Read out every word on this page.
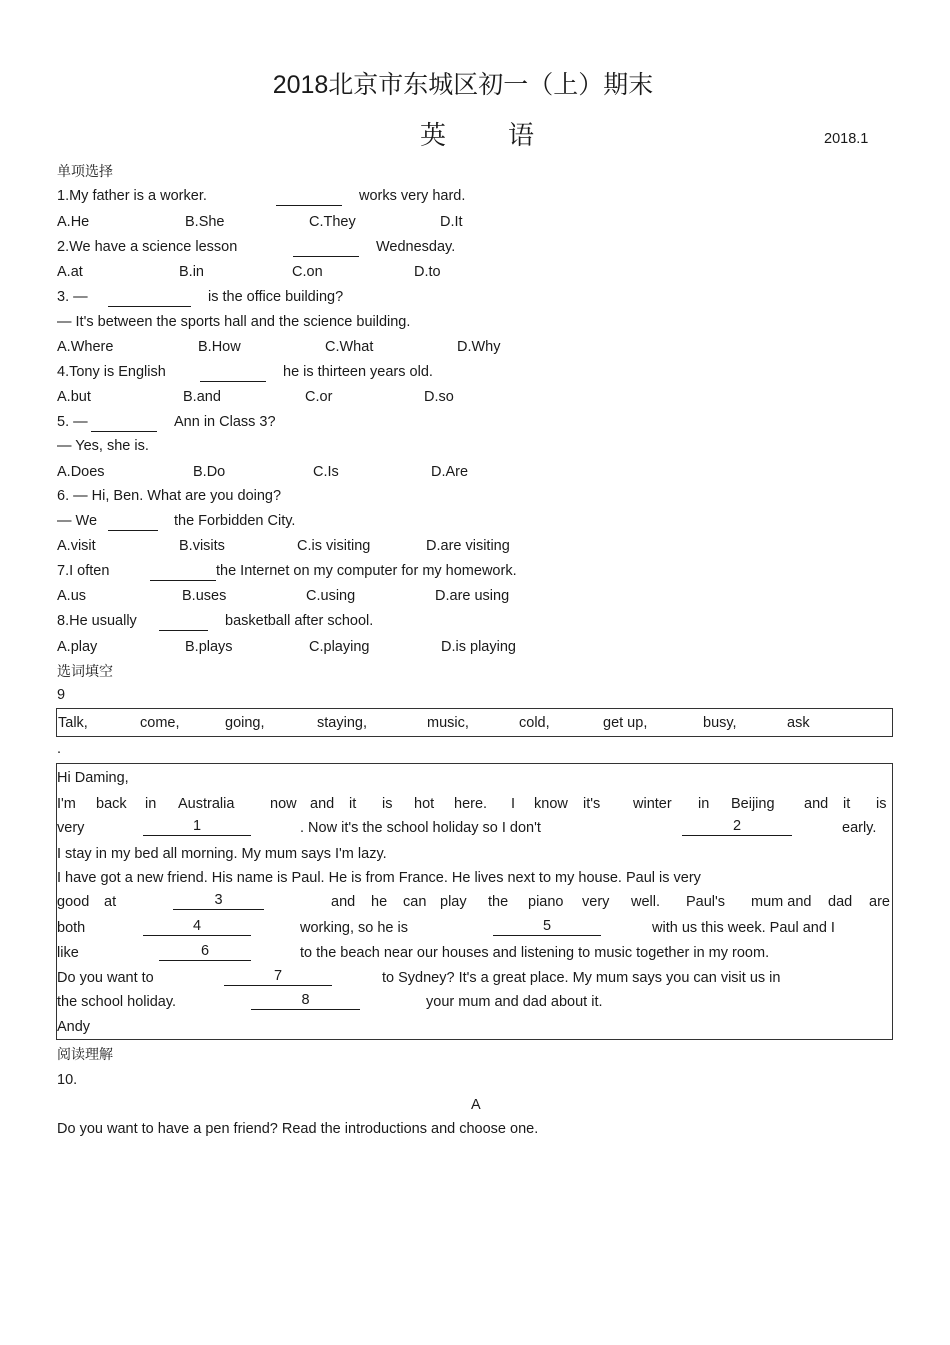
2018北京市东城区初一（上）期末
英 语	2018.1
单项选择
1.My father is a worker.	works very hard.
A.He	B.She	C.They	D.It
2.We have a science lesson	Wednesday.
A.at	B.in	C.on	D.to
3. —	is the office building?
— It's between the sports hall and the science building.
A.Where	B.How	C.What	D.Why
4.Tony is English	he is thirteen years old.
A.but	B.and	C.or	D.so
5. —	Ann in Class 3?
— Yes, she is.
A.Does	B.Do	C.Is	D.Are
6. — Hi, Ben. What are you doing?
— We	the Forbidden City.
A.visit	B.visits	C.is visiting	D.are visiting
7.I often	the Internet on my computer for my homework.
A.us	B.uses	C.using	D.are using
8.He usually	basketball after school.
A.play	B.plays	C.playing	D.is playing
选词填空
9
Talk,	come,	going,	staying,	music,	cold,	get up,	busy,	ask
.
Hi Daming,
I'm back in Australia now and it is hot here. I know it's winter in Beijing and it is
very	1	. Now it's the school holiday so I don't	2	early.
I stay in my bed all morning. My mum says I'm lazy.
I have got a new friend. His name is Paul. He is from France. He lives next to my house. Paul is very
good at	3	and he can play the piano very well. Paul's mum and dad are
both	4	working, so he is	5	with us this week. Paul and I
like	6	to the beach near our houses and listening to music together in my room.
Do you want to	7	to Sydney? It's a great place. My mum says you can visit us in
the school holiday.	8	your mum and dad about it.
Andy
阅读理解
10.
A
Do you want to have a pen friend? Read the introductions and choose one.
